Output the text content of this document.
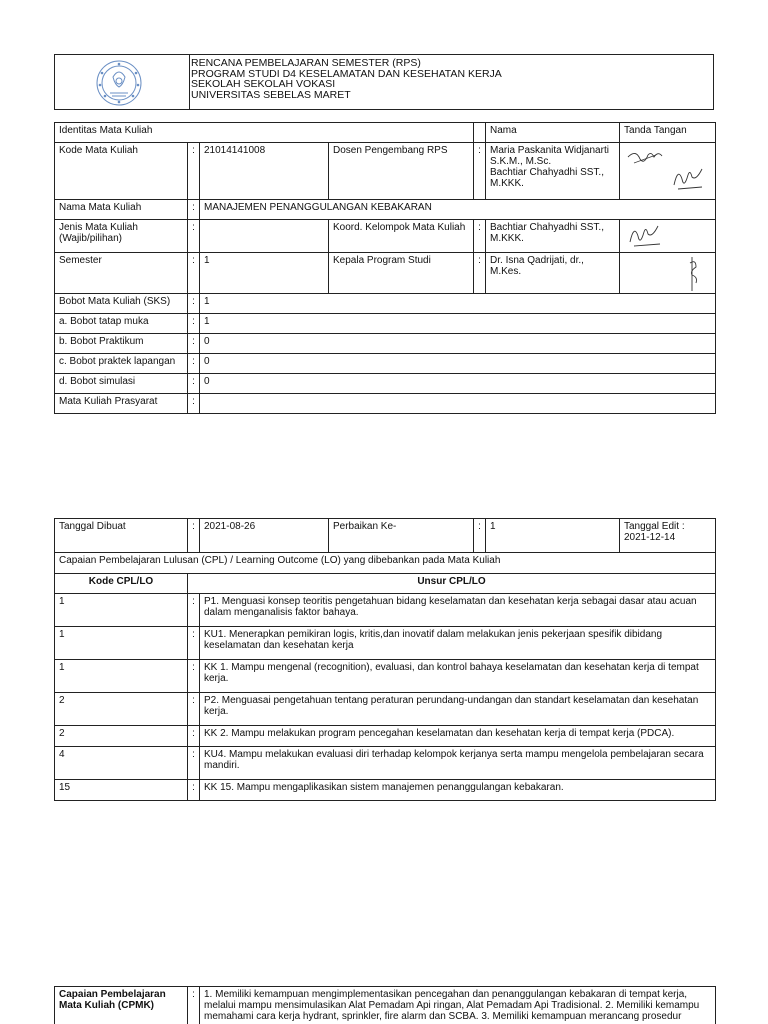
RENCANA PEMBELAJARAN SEMESTER (RPS)
PROGRAM STUDI D4 KESELAMATAN DAN KESEHATAN KERJA
SEKOLAH SEKOLAH VOKASI
UNIVERSITAS SEBELAS MARET
Identitas Mata Kuliah					Nama	Tanda Tangan
Kode Mata Kuliah	:	21014141008	Dosen Pengembang RPS	:	Maria Paskanita Widjanarti S.K.M., M.Sc.
Bachtiar Chahyadhi SST., M.KKK.

Nama Mata Kuliah	:	MANAJEMEN PENANGGULANGAN KEBAKARAN				
Jenis Mata Kuliah (Wajib/pilihan)	:		Koord. Kelompok Mata Kuliah	:	Bachtiar Chahyadhi SST., M.KKK.	

Semester	:	1	Kepala Program Studi	:	Dr. Isna Qadrijati, dr., M.Kes.	

Bobot Mata Kuliah (SKS)	:	1				
a. Bobot tatap muka	:	1				
b. Bobot Praktikum	:	0				
c. Bobot praktek lapangan	:	0				
d. Bobot simulasi	:	0				
Mata Kuliah Prasyarat	:					
Tanggal Dibuat	:	2021-08-26	Perbaikan Ke-	:	1	Tanggal Edit : 2021-12-14
Capaian Pembelajaran Lulusan (CPL) / Learning Outcome (LO) yang dibebankan pada Mata Kuliah						
Kode CPL/LO	Unsur CPL/LO					
1	:	P1. Menguasi konsep teoritis pengetahuan bidang keselamatan dan kesehatan kerja sebagai dasar atau acuan dalam menganalisis faktor bahaya.				
1	:	KU1. Menerapkan pemikiran logis, kritis,dan inovatif dalam melakukan jenis pekerjaan spesifik dibidang keselamatan dan kesehatan kerja				
1	:	KK 1. Mampu mengenal (recognition), evaluasi, dan kontrol bahaya keselamatan dan kesehatan kerja di tempat kerja.				
2	:	P2. Menguasai pengetahuan tentang peraturan perundang-undangan dan standart keselamatan dan kesehatan kerja.				
2	:	KK 2. Mampu melakukan program pencegahan keselamatan dan kesehatan kerja di tempat kerja (PDCA).				
4	:	KU4. Mampu melakukan evaluasi diri terhadap kelompok kerjanya serta mampu mengelola pembelajaran secara mandiri.				
15	:	KK 15. Mampu mengaplikasikan sistem manajemen penanggulangan kebakaran.				
Capaian Pembelajaran Mata Kuliah (CPMK)	:	1. Memiliki kemampuan mengimplementasikan pencegahan dan penanggulangan kebakaran di tempat kerja, melalui mampu mensimulasikan Alat Pemadam Api ringan, Alat Pemadam Api Tradisional. 2. Memiliki kemampu memahami cara kerja hydrant, sprinkler, fire alarm dan SCBA. 3. Memiliki kemampuan merancang prosedur
